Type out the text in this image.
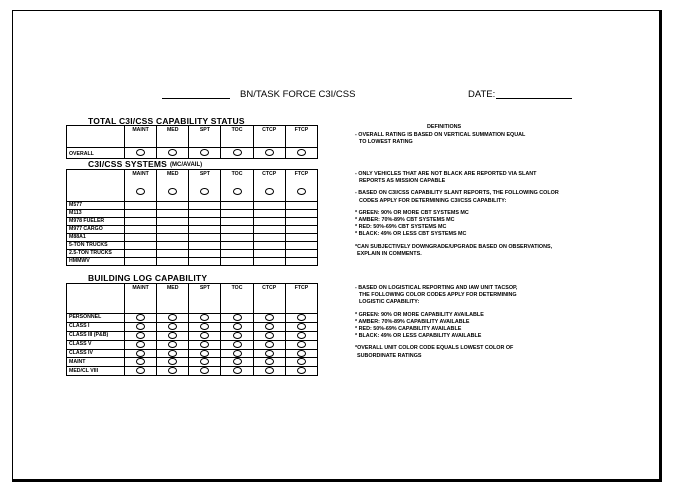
BN/TASK FORCE C3I/CSS	DATE:
TOTAL C3I/CSS CAPABILITY STATUS
	MAINT	MED	SPT	TOC	CTCP	FTCP
OVERALL						
C3I/CSS SYSTEMS (MC/AVAIL)

	MAINT	MED	SPT	TOC	CTCP	FTCP

M577						
M113						
M978 FUELER						
M977 CARGO						
M88A1						
5-TON TRUCKS						
2.5-TON TRUCKS						
HMMWV						
BUILDING LOG CAPABILITY
	MAINT	MED	SPT	TOC	CTCP	FTCP
PERSONNEL						
CLASS I						
CLASS III (P&B)						
CLASS V						
CLASS IV						
MAINT						
MED/CL VIII						
DEFINITIONS

- OVERALL RATING IS BASED ON VERTICAL SUMMATION EQUAL

TO LOWEST RATING

- ONLY VEHICLES THAT ARE NOT BLACK ARE REPORTED VIA SLANT

REPORTS AS MISSION CAPABLE

- BASED ON C3I/CSS CAPABILITY SLANT REPORTS, THE FOLLOWING COLOR

CODES APPLY FOR DETERMINING C3I/CSS CAPABILITY:

* GREEN: 90% OR MORE CBT SYSTEMS MC

* AMBER: 70%-89% CBT SYSTEMS MC

* RED: 50%-69% CBT SYSTEMS MC

* BLACK: 49% OR LESS CBT SYSTEMS MC

*CAN SUBJECTIVELY DOWNGRADE/UPGRADE BASED ON OBSERVATIONS,

EXPLAIN IN COMMENTS.

- BASED ON LOGISTICAL REPORTING AND IAW UNIT TACSOP,

THE FOLLOWING COLOR CODES APPLY FOR DETERMINING

LOGISTIC CAPABILITY:

* GREEN: 90% OR MORE CAPABILITY AVAILABLE

* AMBER: 70%-89% CAPABILITY AVAILABLE

* RED: 50%-69% CAPABILITY AVAILABLE

* BLACK: 49% OR LESS CAPABILITY AVAILABLE

*OVERALL UNIT COLOR CODE EQUALS LOWEST COLOR OF

SUBORDINATE RATINGS
